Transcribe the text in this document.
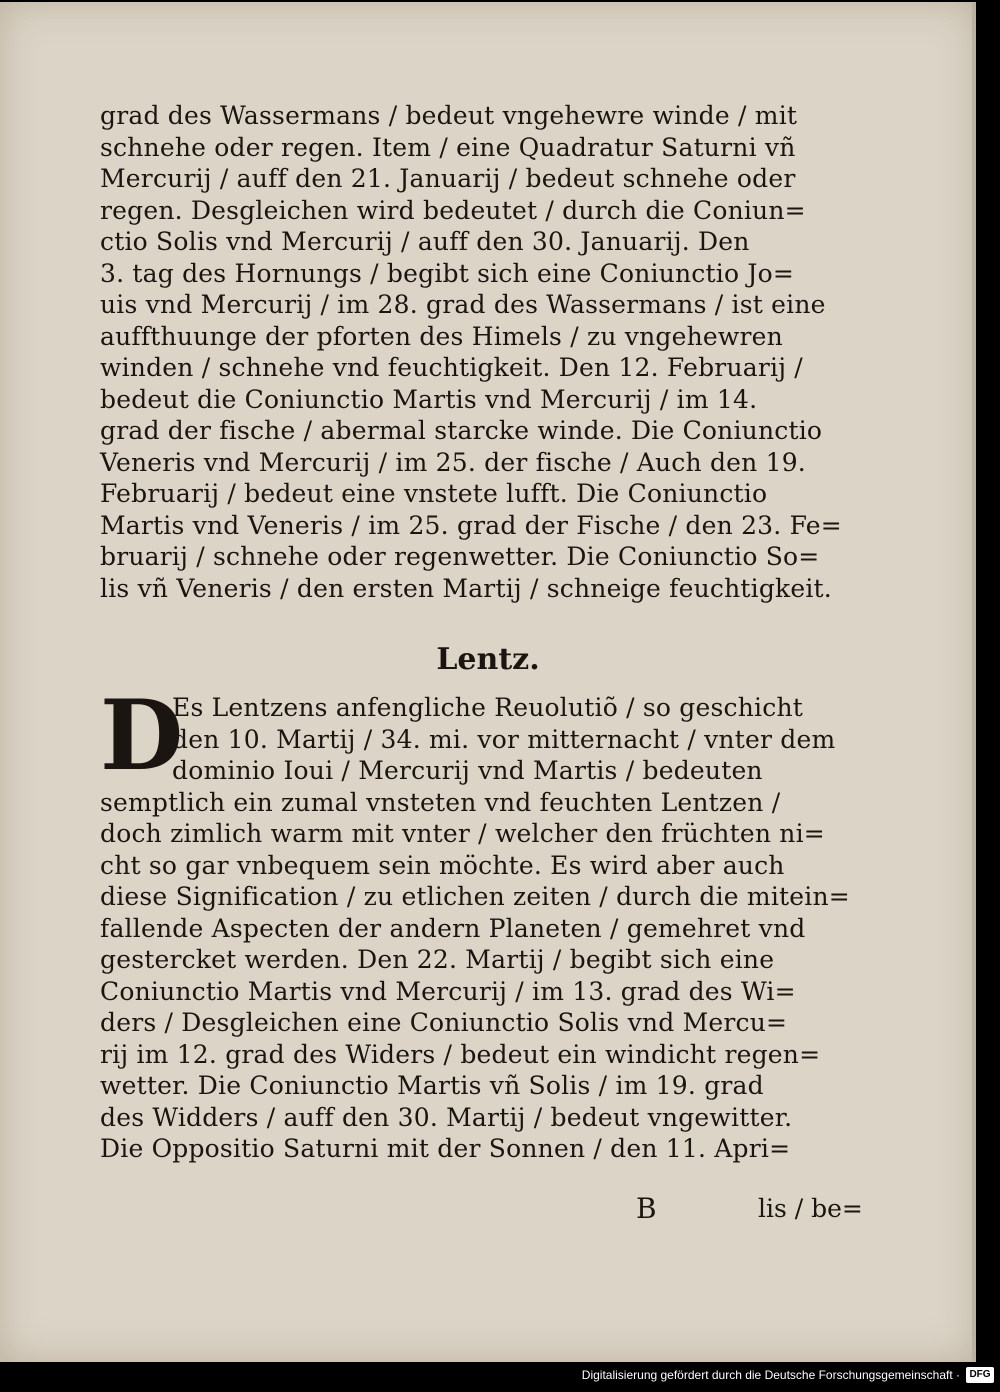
grad des Wassermans / bedeut vngehewre winde / mit
schnehe oder regen. Item / eine Quadratur Saturni vñ
Mercurij / auff den 21. Januarij / bedeut schnehe oder
regen. Desgleichen wird bedeutet / durch die Coniun=
ctio Solis vnd Mercurij / auff den 30. Januarij. Den
3. tag des Hornungs / begibt sich eine Coniunctio Jo=
uis vnd Mercurij / im 28. grad des Wassermans / ist eine
auffthuunge der pforten des Himels / zu vngehewren
winden / schnehe vnd feuchtigkeit. Den 12. Februarij /
bedeut die Coniunctio Martis vnd Mercurij / im 14.
grad der fische / abermal starcke winde. Die Coniunctio
Veneris vnd Mercurij / im 25. der fische / Auch den 19.
Februarij / bedeut eine vnstete lufft. Die Coniunctio
Martis vnd Veneris / im 25. grad der Fische / den 23. Fe=
bruarij / schnehe oder regenwetter. Die Coniunctio So=
lis vñ Veneris / den ersten Martij / schneige feuchtigkeit.
Lentz.
D
Es Lentzens anfengliche Reuolutiõ / so geschicht
den 10. Martij / 34. mi. vor mitternacht / vnter dem
dominio Ioui / Mercurij vnd Martis / bedeuten
semptlich ein zumal vnsteten vnd feuchten Lentzen /
doch zimlich warm mit vnter / welcher den früchten ni=
cht so gar vnbequem sein möchte. Es wird aber auch
diese Signification / zu etlichen zeiten / durch die mitein=
fallende Aspecten der andern Planeten / gemehret vnd
gestercket werden. Den 22. Martij / begibt sich eine
Coniunctio Martis vnd Mercurij / im 13. grad des Wi=
ders / Desgleichen eine Coniunctio Solis vnd Mercu=
rij im 12. grad des Widers / bedeut ein windicht regen=
wetter. Die Coniunctio Martis vñ Solis / im 19. grad
des Widders / auff den 30. Martij / bedeut vngewitter.
Die Oppositio Saturni mit der Sonnen / den 11. Apri=
B	lis / be=
Digitalisierung gefördert durch die Deutsche Forschungsgemeinschaft · DFG
